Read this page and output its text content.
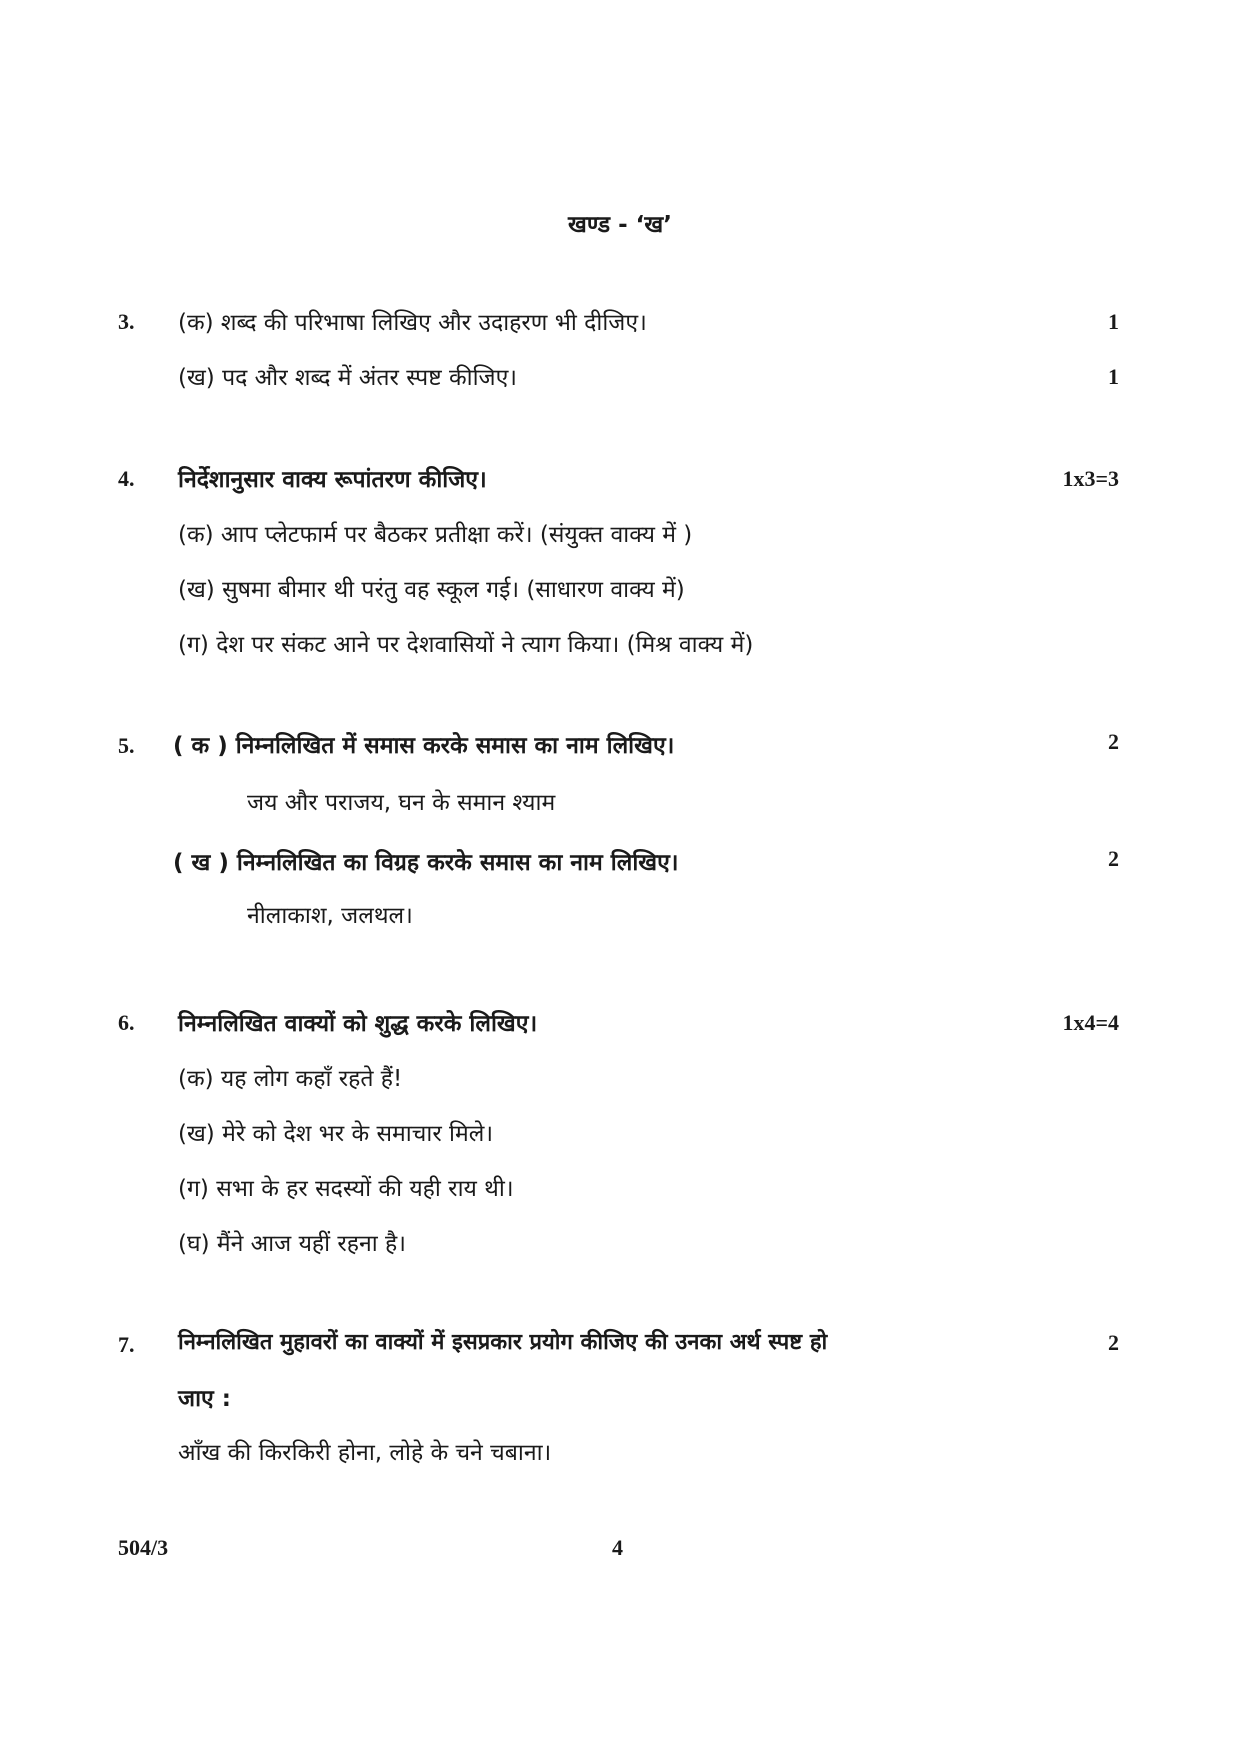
खण्ड - ‘ख’
3. (क) शब्द की परिभाषा लिखिए और उदाहरण भी दीजिए।	1
(ख) पद और शब्द में अंतर स्पष्ट कीजिए।	1
4. निर्देशानुसार वाक्य रूपांतरण कीजिए।	1x3=3
(क) आप प्लेटफार्म पर बैठकर प्रतीक्षा करें। (संयुक्त वाक्य में )
(ख) सुषमा बीमार थी परंतु वह स्कूल गई। (साधारण वाक्य में)
(ग) देश पर संकट आने पर देशवासियों ने त्याग किया। (मिश्र वाक्य में)
5. ( क ) निम्नलिखित में समास करके समास का नाम लिखिए।	2
जय और पराजय, घन के समान श्याम
( ख ) निम्नलिखित का विग्रह करके समास का नाम लिखिए।	2
नीलाकाश, जलथल।
6. निम्नलिखित वाक्यों को शुद्ध करके लिखिए।	1x4=4
(क) यह लोग कहाँ रहते हैं!
(ख) मेरे को देश भर के समाचार मिले।
(ग) सभा के हर सदस्यों की यही राय थी।
(घ) मैंने आज यहीं रहना है।
7. निम्नलिखित मुहावरों का वाक्यों में इसप्रकार प्रयोग कीजिए की उनका अर्थ स्पष्ट हो	2
जाए :
आँख की किरकिरी होना, लोहे के चने चबाना।
504/3	4
